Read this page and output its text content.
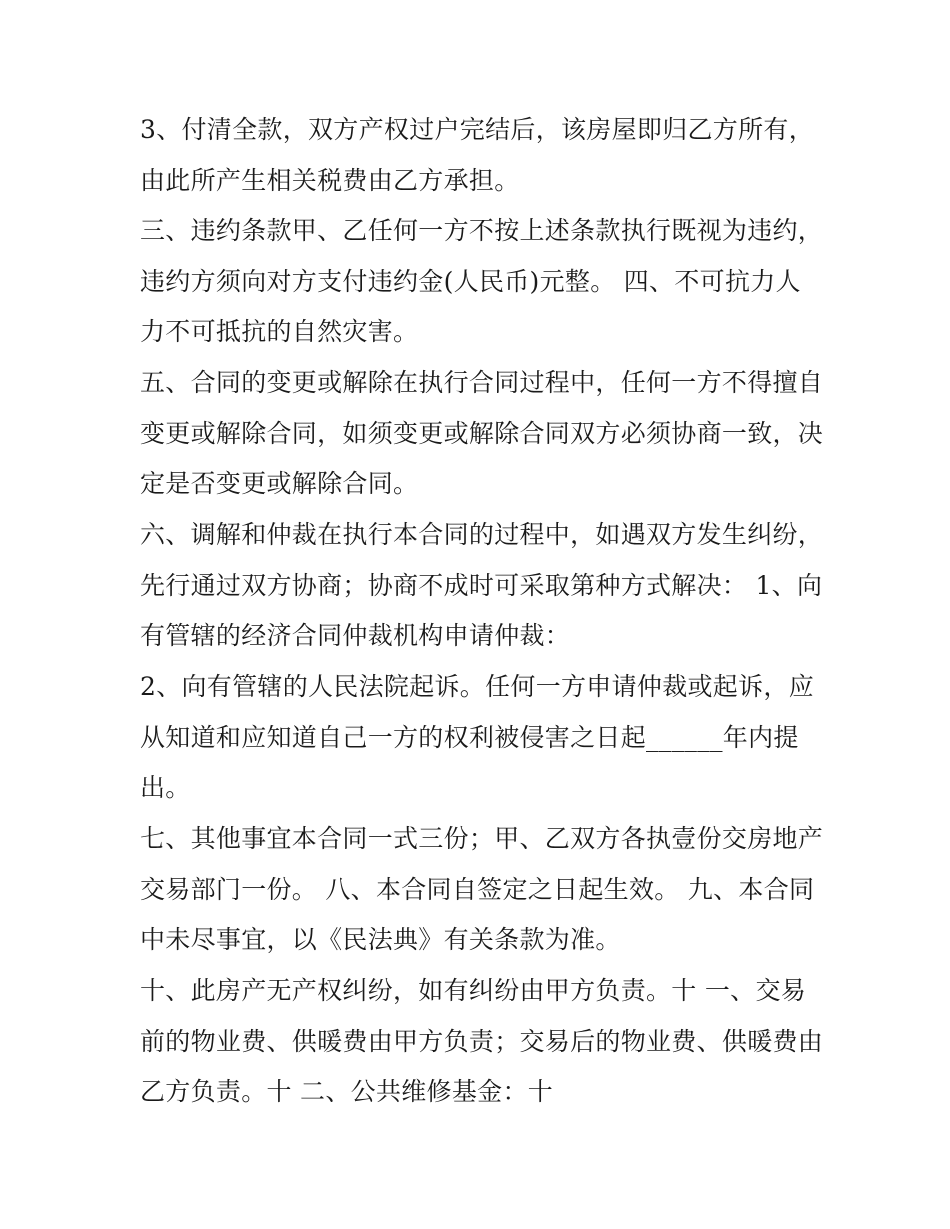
3、付清全款，双方产权过户完结后，该房屋即归乙方所有，
由此所产生相关税费由乙方承担。
三、违约条款甲、乙任何一方不按上述条款执行既视为违约，
违约方须向对方支付违约金(人民币)元整。 四、不可抗力人
力不可抵抗的自然灾害。
五、合同的变更或解除在执行合同过程中，任何一方不得擅自
变更或解除合同，如须变更或解除合同双方必须协商一致，决
定是否变更或解除合同。
六、调解和仲裁在执行本合同的过程中，如遇双方发生纠纷，
先行通过双方协商；协商不成时可采取第种方式解决： 1、向
有管辖的经济合同仲裁机构申请仲裁：
2、向有管辖的人民法院起诉。任何一方申请仲裁或起诉，应
从知道和应知道自己一方的权利被侵害之日起______年内提
出。
七、其他事宜本合同一式三份；甲、乙双方各执壹份交房地产
交易部门一份。 八、本合同自签定之日起生效。 九、本合同
中未尽事宜，以《民法典》有关条款为准。
十、此房产无产权纠纷，如有纠纷由甲方负责。十 一、交易
前的物业费、供暖费由甲方负责；交易后的物业费、供暖费由
乙方负责。十 二、公共维修基金：十
